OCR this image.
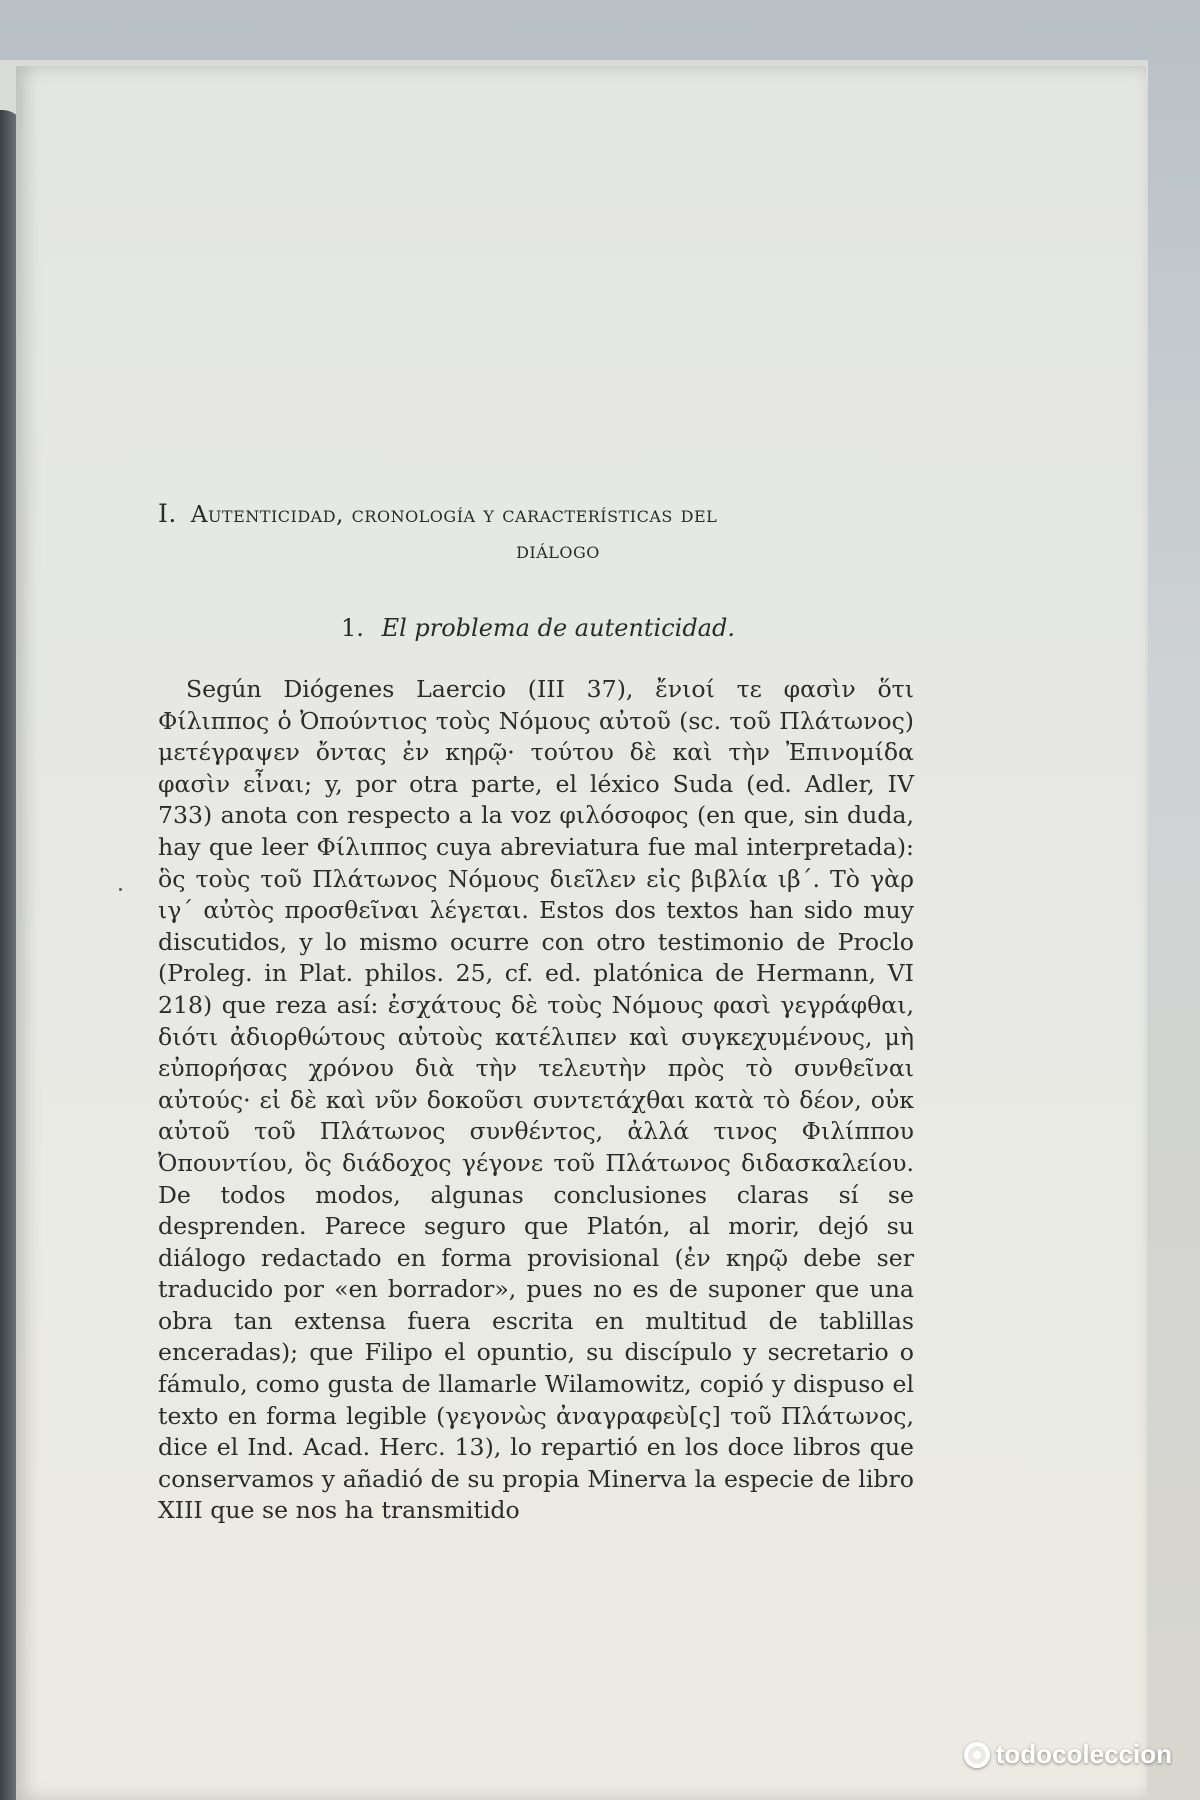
I. Autenticidad, cronología y características del
diálogo
1. El problema de autenticidad.

Según Diógenes Laercio (III 37), ἔνιοί τε φασὶν ὅτι Φίλιππος ὁ Ὀπούντιος τοὺς Νόμους αὐτοῦ (sc. τοῦ Πλάτωνος) μετέγραψεν ὄντας ἐν κηρῷ· τούτου δὲ καὶ τὴν Ἐπινομίδα φασὶν εἶναι; y, por otra parte, el léxico Suda (ed. Adler, IV 733) anota con respecto a la voz φιλόσοφος (en que, sin duda, hay que leer Φίλιππος cuya abreviatura fue mal interpretada): ὃς τοὺς τοῦ Πλάτωνος Νόμους διεῖλεν εἰς βιβλία ιβ΄. Τὸ γὰρ ιγ΄ αὐτὸς προσθεῖναι λέγεται. Estos dos textos han sido muy discutidos, y lo mismo ocurre con otro testimonio de Proclo (Proleg. in Plat. philos. 25, cf. ed. platónica de Hermann, VI 218) que reza así: ἐσχάτους δὲ τοὺς Νόμους φασὶ γεγράφθαι, διότι ἀδιορθώτους αὐτοὺς κατέλιπεν καὶ συγκεχυμένους, μὴ εὐπορήσας χρόνου διὰ τὴν τελευτὴν πρὸς τὸ συνθεῖναι αὐτούς· εἰ δὲ καὶ νῦν δοκοῦσι συντετάχθαι κατὰ τὸ δέον, οὐκ αὐτοῦ τοῦ Πλάτωνος συνθέντος, ἀλλά τινος Φιλίππου Ὀπουντίου, ὃς διάδοχος γέγονε τοῦ Πλάτωνος διδασκαλείου. De todos modos, algunas conclusiones claras sí se desprenden. Parece seguro que Platón, al morir, dejó su diálogo redactado en forma provisional (ἐν κηρῷ debe ser traducido por «en borrador», pues no es de suponer que una obra tan extensa fuera escrita en multitud de tablillas enceradas); que Filipo el opuntio, su discípulo y secretario o fámulo, como gusta de llamarle Wilamowitz, copió y dispuso el texto en forma legible (γεγονὼς ἀναγραφεὺ[ς] τοῦ Πλάτωνος, dice el Ind. Acad. Herc. 13), lo repartió en los doce libros que conservamos y añadió de su propia Minerva la especie de libro XIII que se nos ha transmitido

todocoleccion
